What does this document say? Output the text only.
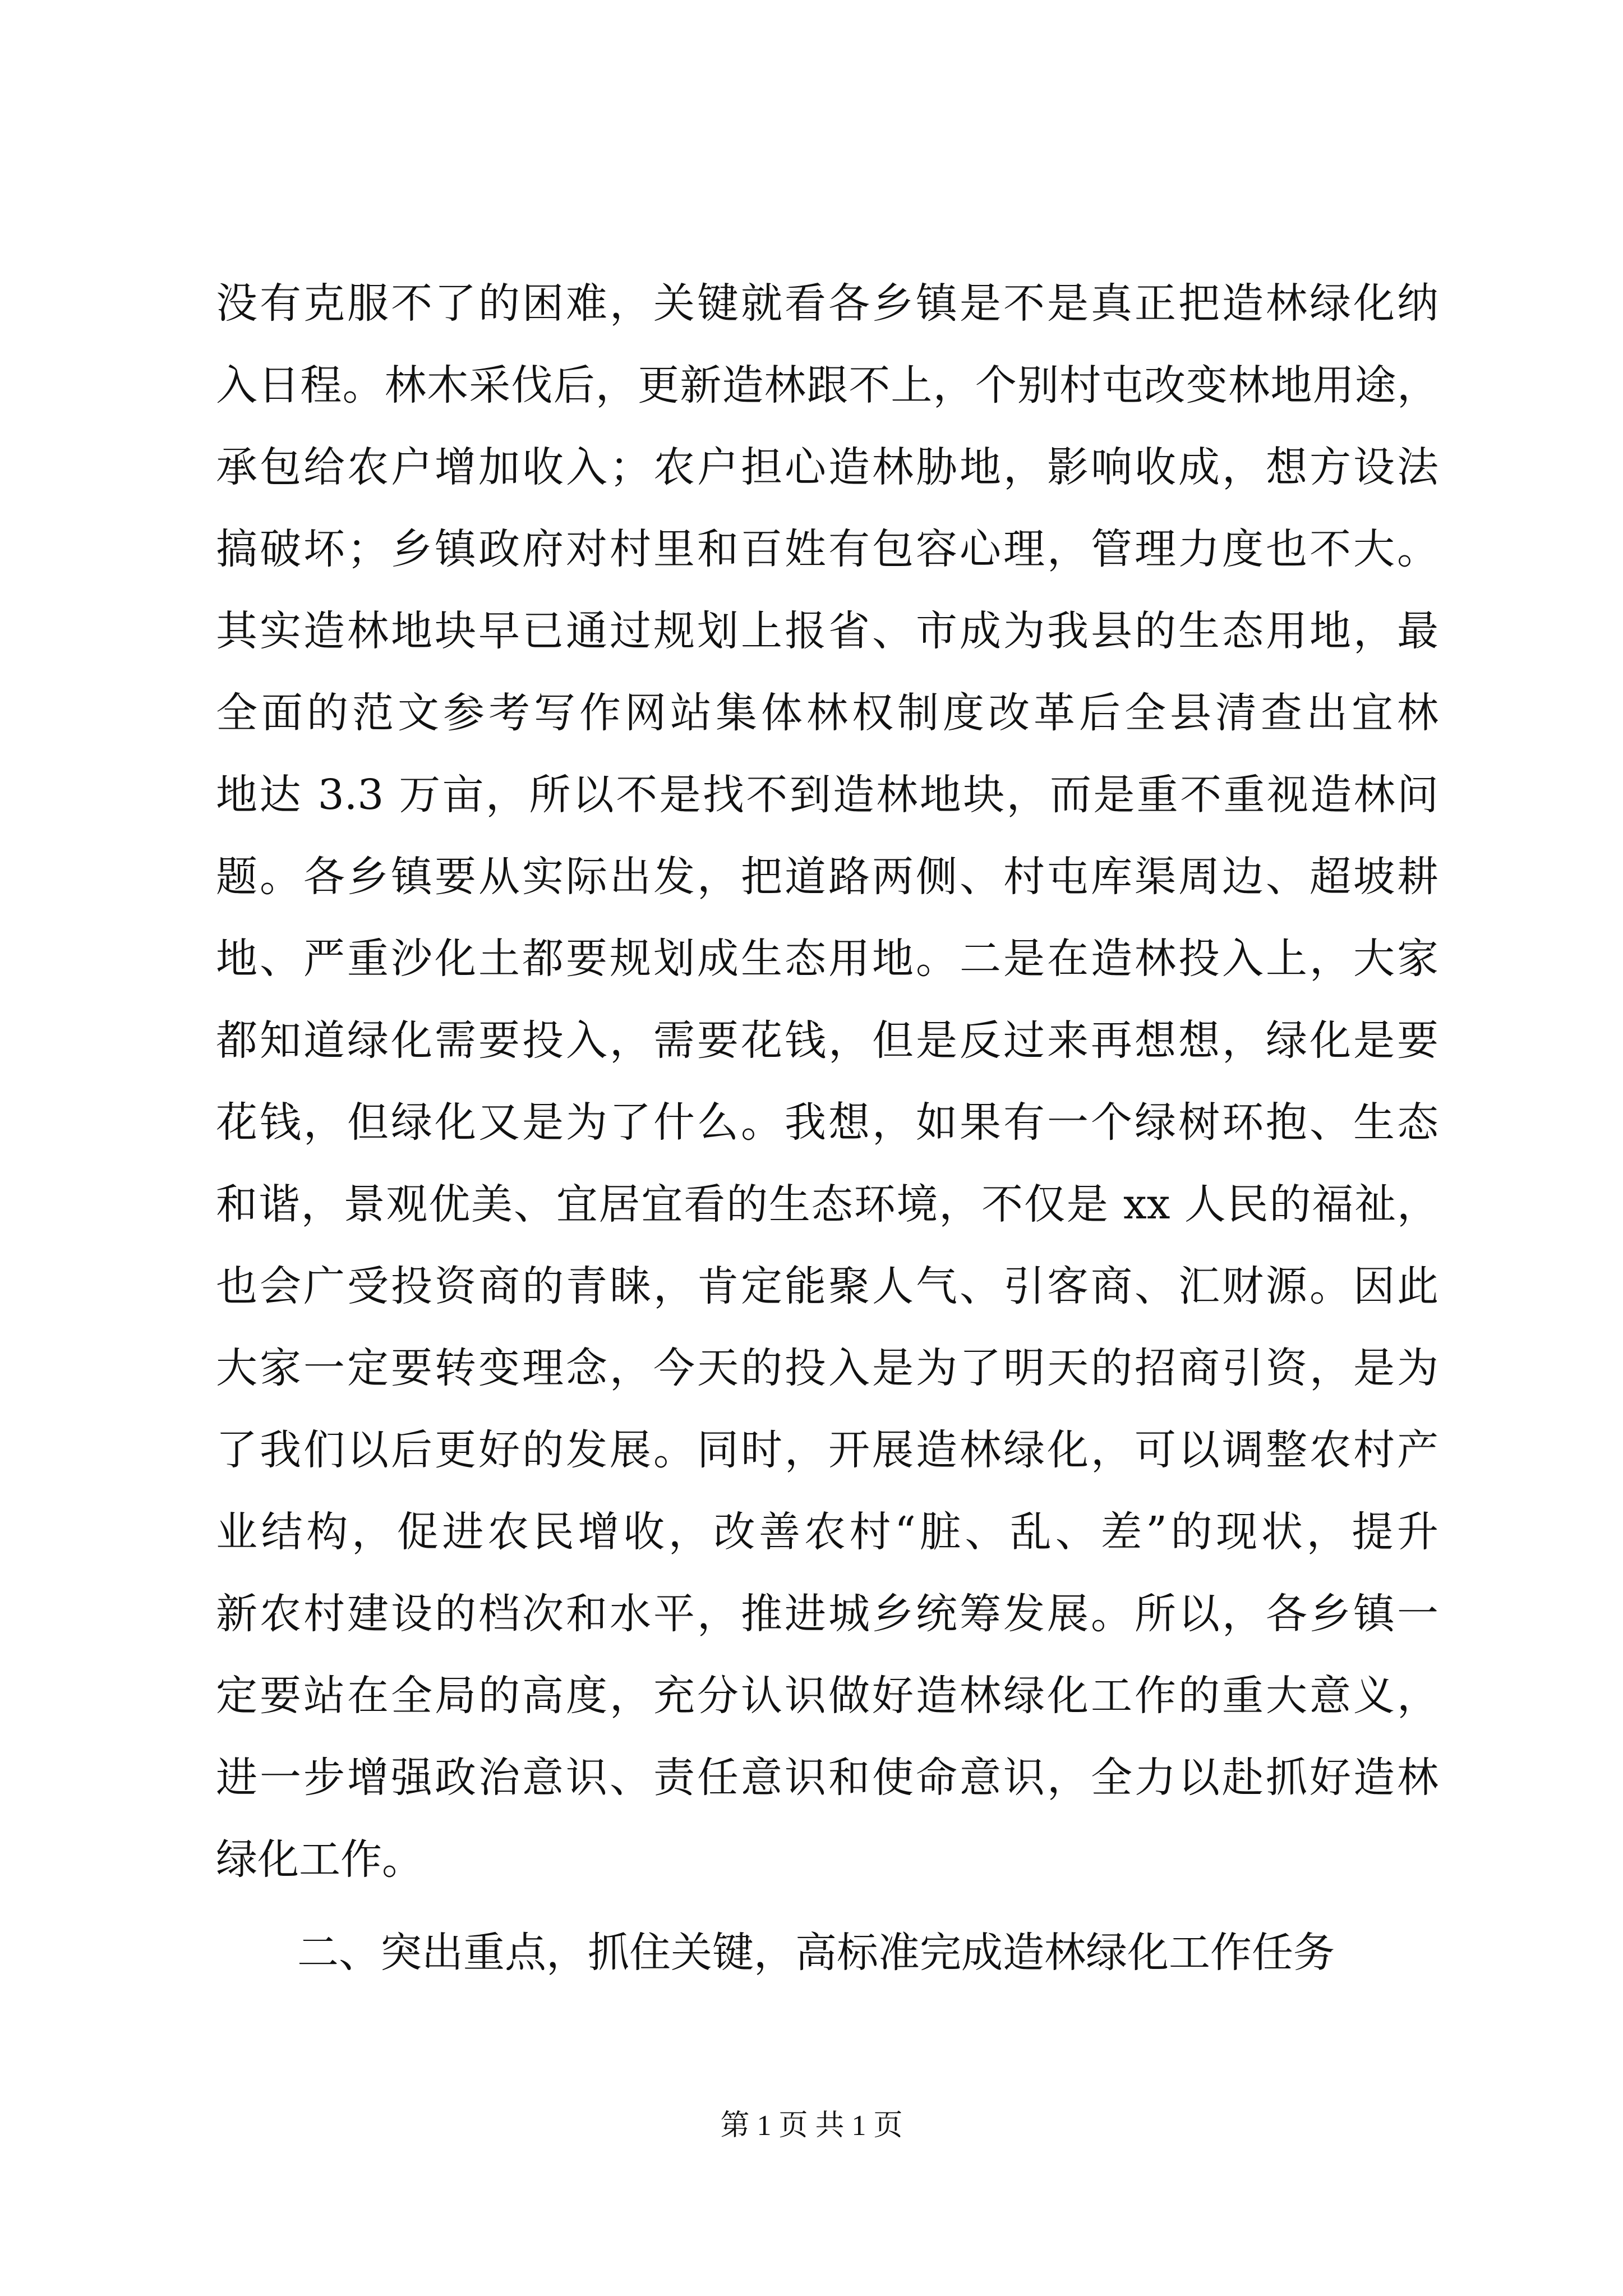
没有克服不了的困难，关键就看各乡镇是不是真正把造林绿化纳
入日程。林木采伐后，更新造林跟不上，个别村屯改变林地用途，
承包给农户增加收入；农户担心造林胁地，影响收成，想方设法
搞破坏；乡镇政府对村里和百姓有包容心理，管理力度也不大。
其实造林地块早已通过规划上报省、市成为我县的生态用地，最
全面的范文参考写作网站集体林权制度改革后全县清查出宜林
地达 3.3 万亩，所以不是找不到造林地块，而是重不重视造林问
题。各乡镇要从实际出发，把道路两侧、村屯库渠周边、超坡耕
地、严重沙化土都要规划成生态用地。二是在造林投入上，大家
都知道绿化需要投入，需要花钱，但是反过来再想想，绿化是要
花钱，但绿化又是为了什么。我想，如果有一个绿树环抱、生态
和谐，景观优美、宜居宜看的生态环境，不仅是 xx 人民的福祉，
也会广受投资商的青睐，肯定能聚人气、引客商、汇财源。因此
大家一定要转变理念，今天的投入是为了明天的招商引资，是为
了我们以后更好的发展。同时，开展造林绿化，可以调整农村产
业结构，促进农民增收，改善农村“脏、乱、差”的现状，提升
新农村建设的档次和水平，推进城乡统筹发展。所以，各乡镇一
定要站在全局的高度，充分认识做好造林绿化工作的重大意义，
进一步增强政治意识、责任意识和使命意识，全力以赴抓好造林
绿化工作。
二、突出重点，抓住关键，高标准完成造林绿化工作任务
第 1 页 共 1 页
